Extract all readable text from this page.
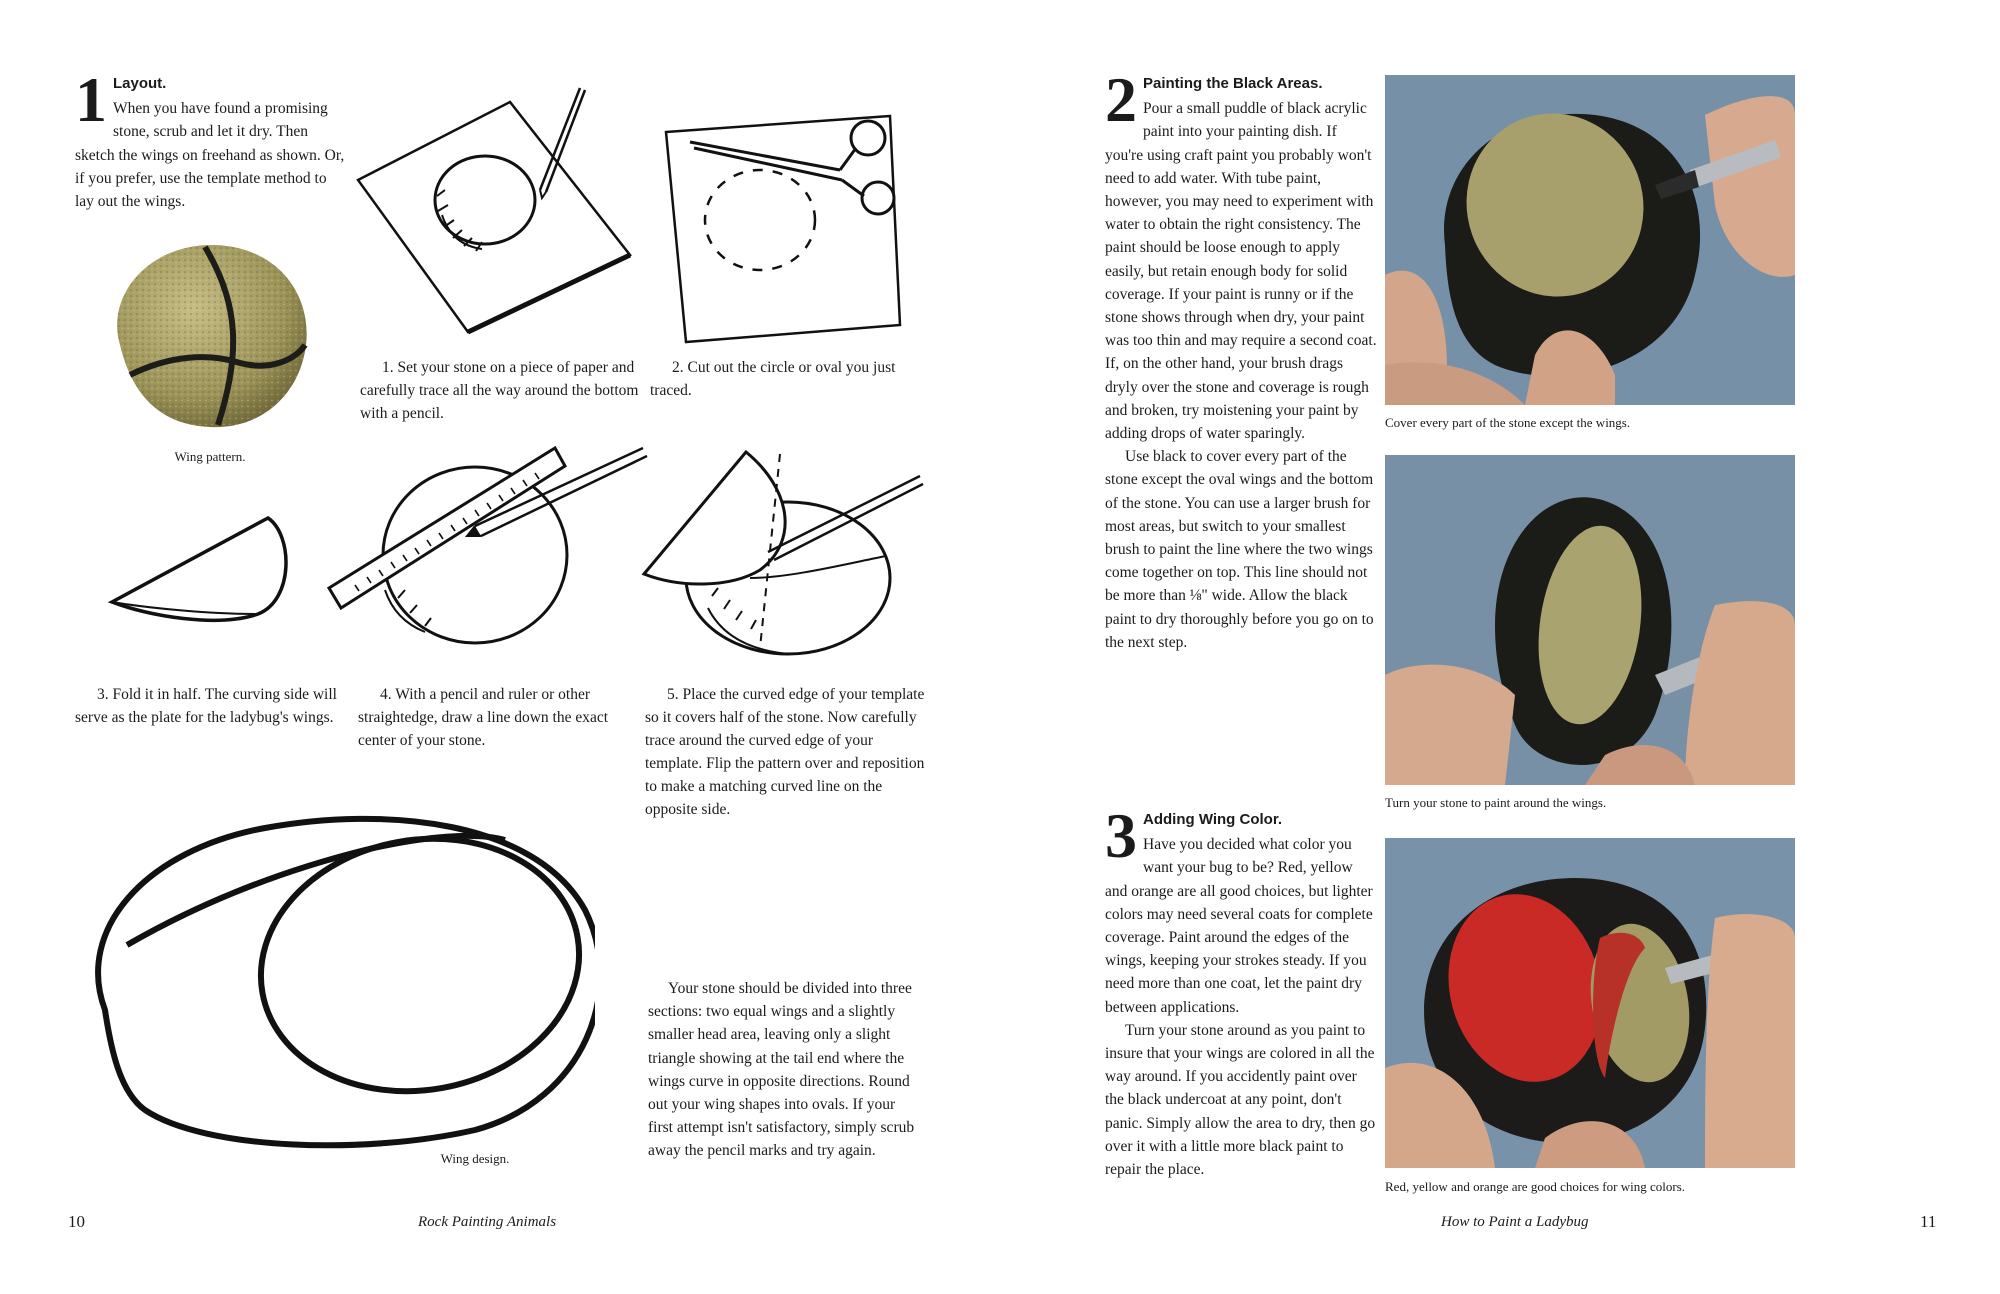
1 Layout.
When you have found a promising stone, scrub and let it dry. Then sketch the wings on freehand as shown. Or, if you prefer, use the template method to lay out the wings.
Wing pattern.
1. Set your stone on a piece of paper and carefully trace all the way around the bottom with a pencil.
2. Cut out the circle or oval you just traced.
3. Fold it in half. The curving side will serve as the plate for the ladybug's wings.
4. With a pencil and ruler or other straightedge, draw a line down the exact center of your stone.
5. Place the curved edge of your template so it covers half of the stone. Now carefully trace around the curved edge of your template. Flip the pattern over and reposition to make a matching curved line on the opposite side.
Wing design.
Your stone should be divided into three sections: two equal wings and a slightly smaller head area, leaving only a slight triangle showing at the tail end where the wings curve in opposite directions. Round out your wing shapes into ovals. If your first attempt isn't satisfactory, simply scrub away the pencil marks and try again.
10	Rock Painting Animals
2 Painting the Black Areas.
Pour a small puddle of black acrylic paint into your painting dish. If you're using craft paint you probably won't need to add water. With tube paint, however, you may need to experiment with water to obtain the right consistency. The paint should be loose enough to apply easily, but retain enough body for solid coverage. If your paint is runny or if the stone shows through when dry, your paint was too thin and may require a second coat. If, on the other hand, your brush drags dryly over the stone and coverage is rough and broken, try moistening your paint by adding drops of water sparingly.
Use black to cover every part of the stone except the oval wings and the bottom of the stone. You can use a larger brush for most areas, but switch to your smallest brush to paint the line where the two wings come together on top. This line should not be more than ⅛" wide. Allow the black paint to dry thoroughly before you go on to the next step.
3 Adding Wing Color.
Have you decided what color you want your bug to be? Red, yellow and orange are all good choices, but lighter colors may need several coats for complete coverage. Paint around the edges of the wings, keeping your strokes steady. If you need more than one coat, let the paint dry between applications.
Turn your stone around as you paint to insure that your wings are colored in all the way around. If you accidently paint over the black undercoat at any point, don't panic. Simply allow the area to dry, then go over it with a little more black paint to repair the place.
Cover every part of the stone except the wings.
Turn your stone to paint around the wings.
Red, yellow and orange are good choices for wing colors.
How to Paint a Ladybug	11
